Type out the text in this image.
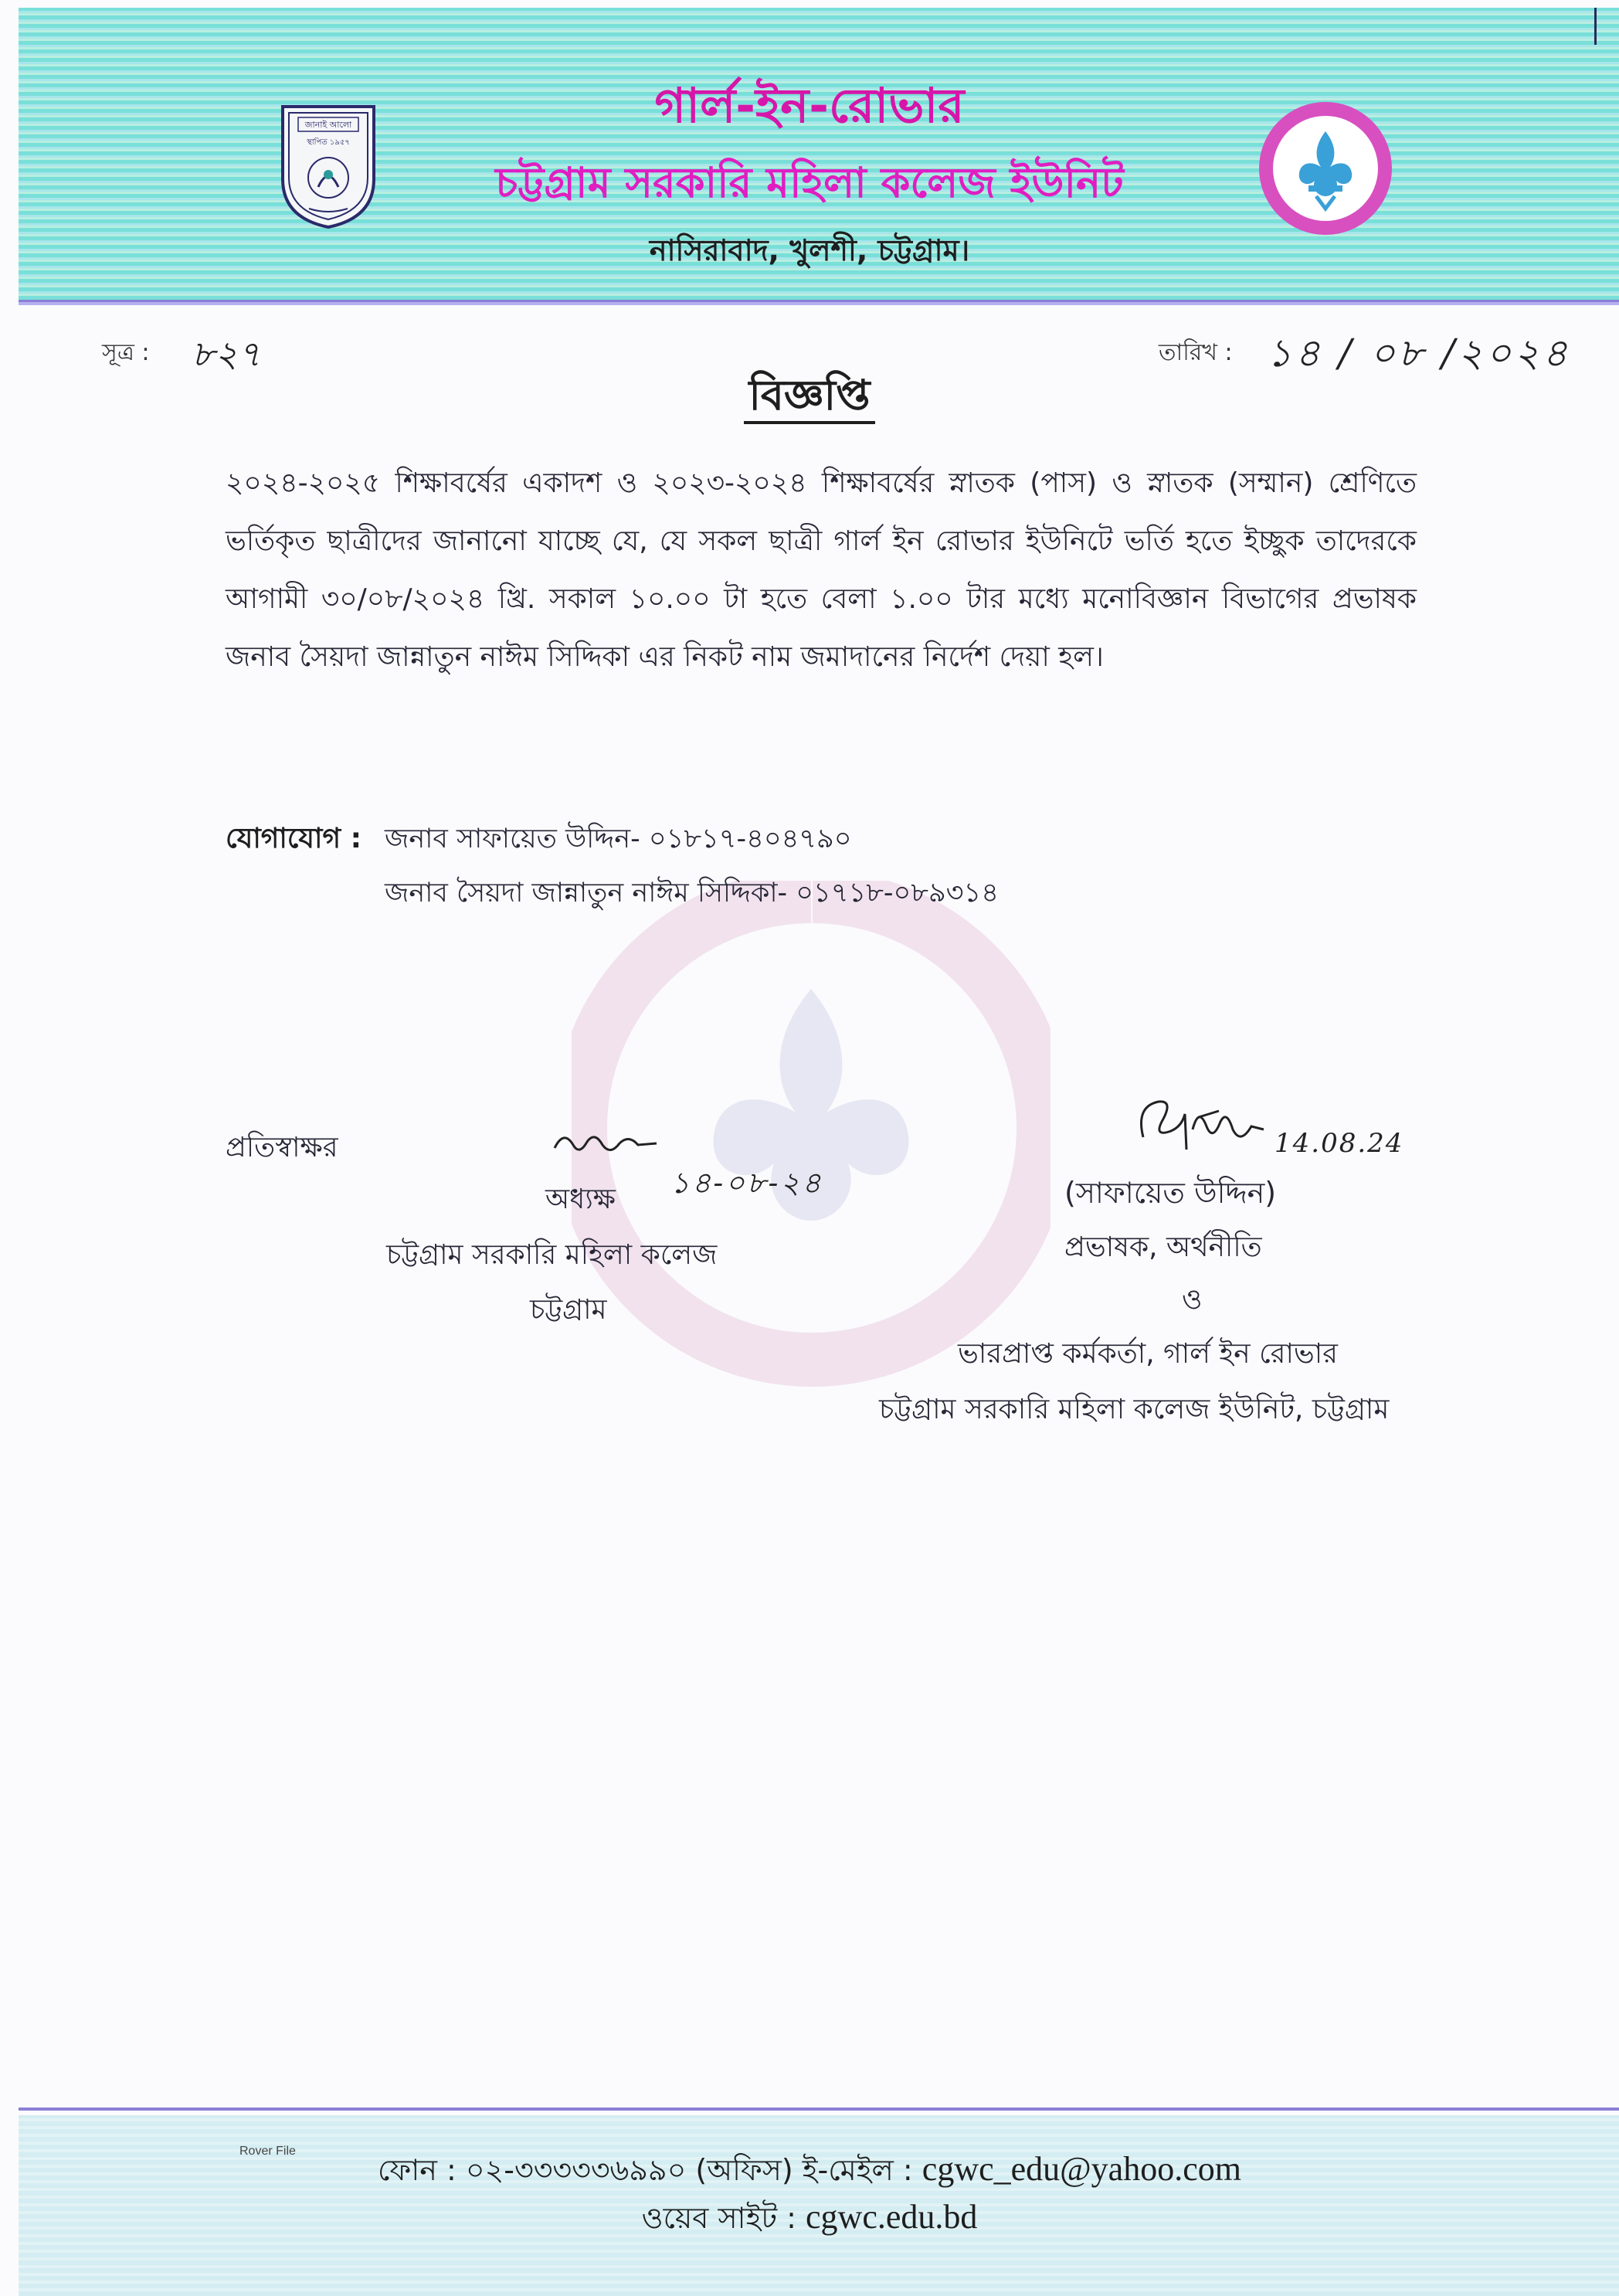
গার্ল-ইন-রোভার
চট্টগ্রাম সরকারি মহিলা কলেজ ইউনিট
নাসিরাবাদ, খুলশী, চট্টগ্রাম।
জানাই আলো
স্থাপিত ১৯৫৭
সূত্র : ৮২৭	তারিখ : ১৪ / ০৮ /২০২৪
বিজ্ঞপ্তি

২০২৪-২০২৫ শিক্ষাবর্ষের একাদশ ও ২০২৩-২০২৪ শিক্ষাবর্ষের স্নাতক (পাস) ও স্নাতক (সম্মান) শ্রেণিতে ভর্তিকৃত ছাত্রীদের জানানো যাচ্ছে যে, যে সকল ছাত্রী গার্ল ইন রোভার ইউনিটে ভর্তি হতে ইচ্ছুক তাদেরকে আগামী ৩০/০৮/২০২৪ খ্রি. সকাল ১০.০০ টা হতে বেলা ১.০০ টার মধ্যে মনোবিজ্ঞান বিভাগের প্রভাষক জনাব সৈয়দা জান্নাতুন নাঈম সিদ্দিকা এর নিকট নাম জমাদানের নির্দেশ দেয়া হল।

যোগাযোগ : জনাব সাফায়েত উদ্দিন- ০১৮১৭-৪০৪৭৯০
জনাব সৈয়দা জান্নাতুন নাঈম সিদ্দিকা- ০১৭১৮-০৮৯৩১৪
প্রতিস্বাক্ষর
১৪-০৮-২৪
অধ্যক্ষ
চট্টগ্রাম সরকারি মহিলা কলেজ
চট্টগ্রাম
14.08.24
(সাফায়েত উদ্দিন)
প্রভাষক, অর্থনীতি
ও
ভারপ্রাপ্ত কর্মকর্তা, গার্ল ইন রোভার
চট্টগ্রাম সরকারি মহিলা কলেজ ইউনিট, চট্টগ্রাম
Rover File
ফোন : ০২-৩৩৩৩৩৬৯৯০ (অফিস) ই-মেইল : cgwc_edu@yahoo.com
ওয়েব সাইট : cgwc.edu.bd
